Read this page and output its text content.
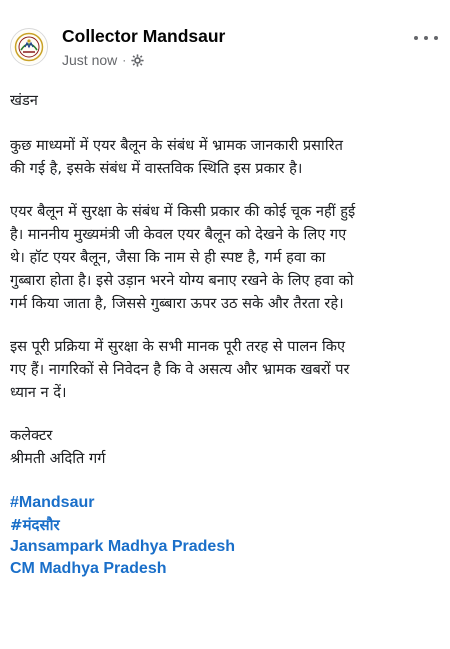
Collector Mandsaur
Just now ·

खंडन

कुछ माध्यमों में एयर बैलून के संबंध में भ्रामक जानकारी प्रसारित
की गई है, इसके संबंध में वास्तविक स्थिति इस प्रकार है।

एयर बैलून में सुरक्षा के संबंध में किसी प्रकार की कोई चूक नहीं हुई
है। माननीय मुख्यमंत्री जी केवल एयर बैलून को देखने के लिए गए
थे। हॉट एयर बैलून, जैसा कि नाम से ही स्पष्ट है, गर्म हवा का
गुब्बारा होता है। इसे उड़ान भरने योग्य बनाए रखने के लिए हवा को
गर्म किया जाता है, जिससे गुब्बारा ऊपर उठ सके और तैरता रहे।

इस पूरी प्रक्रिया में सुरक्षा के सभी मानक पूरी तरह से पालन किए
गए हैं। नागरिकों से निवेदन है कि वे असत्य और भ्रामक खबरों पर
ध्यान न दें।

कलेक्टर
श्रीमती अदिति गर्ग

#Mandsaur
#मंदसौर
Jansampark Madhya Pradesh
CM Madhya Pradesh
